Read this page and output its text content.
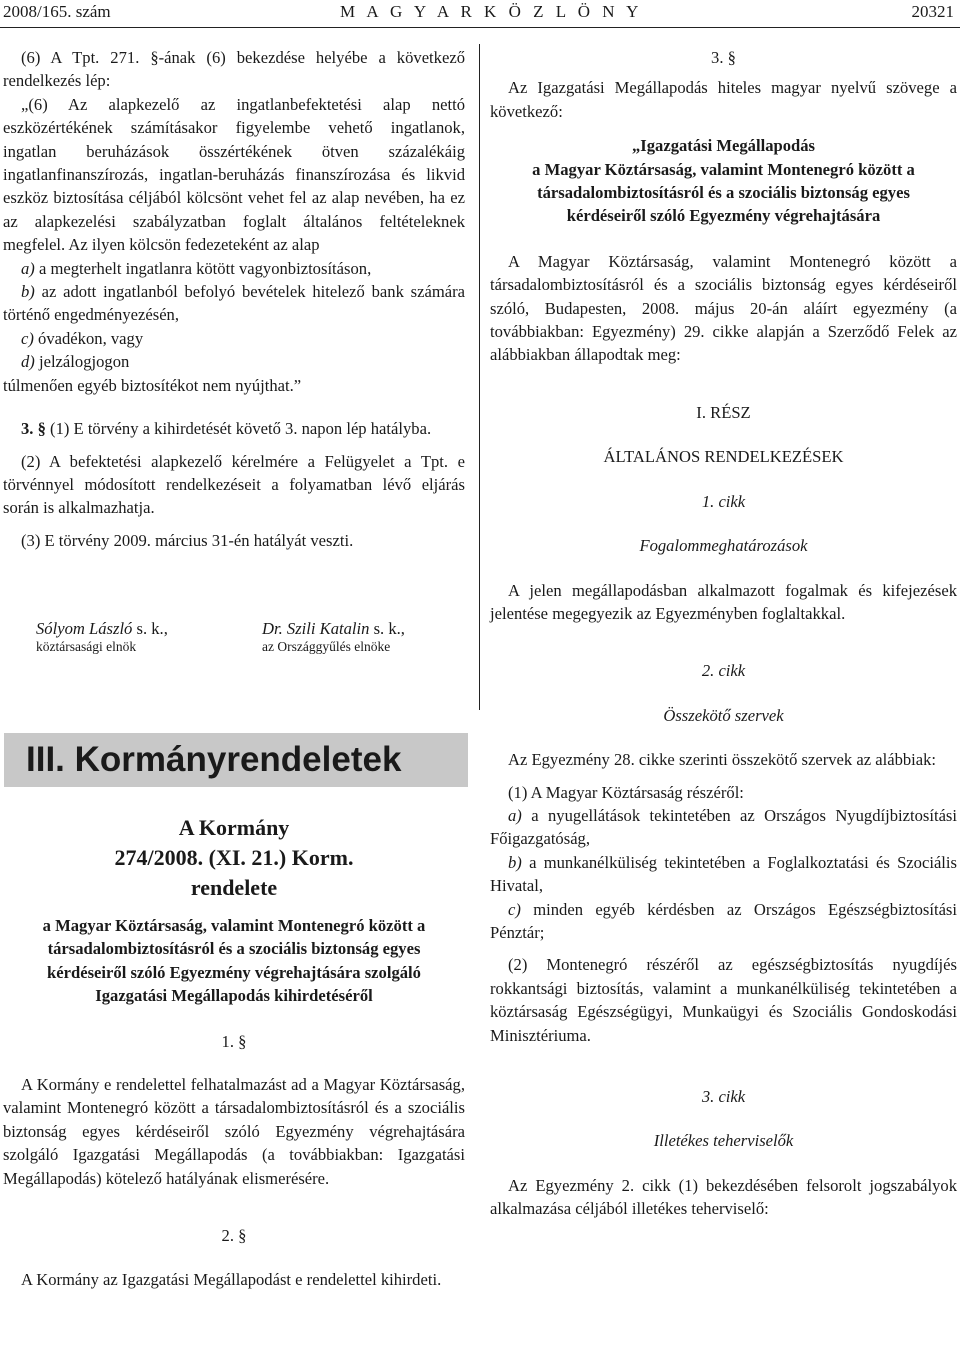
2008/165. szám	M A G Y A R K Ö Z L Ö N Y	20321

(6) A Tpt. 271. §-ának (6) bekezdése helyébe a következő rendelkezés lép:

„(6) Az alapkezelő az ingatlanbefektetési alap nettó eszközértékének számításakor figyelembe vehető ingatlanok, ingatlan beruházások összértékének ötven százalékáig ingatlanfinanszírozás, ingatlan-beruházás finanszírozása és likvid eszköz biztosítása céljából kölcsönt vehet fel az alap nevében, ha ez az alapkezelési szabályzatban foglalt általános feltételeknek megfelel. Az ilyen kölcsön fedezeteként az alap

a) a megterhelt ingatlanra kötött vagyonbiztosításon,

b) az adott ingatlanból befolyó bevételek hitelező bank számára történő engedményezésén,

c) óvadékon, vagy

d) jelzálogjogon

túlmenően egyéb biztosítékot nem nyújthat.”

3. § (1) E törvény a kihirdetését követő 3. napon lép hatályba.

(2) A befektetési alapkezelő kérelmére a Felügyelet a Tpt. e törvénnyel módosított rendelkezéseit a folyamatban lévő eljárás során is alkalmazhatja.

(3) E törvény 2009. március 31-én hatályát veszti.

Sólyom László s. k.,
köztársasági elnök
Dr. Szili Katalin s. k.,
az Országgyűlés elnöke
III. Kormányrendeletek

A Kormány

274/2008. (XI. 21.) Korm.

rendelete

a Magyar Köztársaság, valamint Montenegró között a társadalombiztosításról és a szociális biztonság egyes kérdéseiről szóló Egyezmény végrehajtására szolgáló Igazgatási Megállapodás kihirdetéséről

1. §

A Kormány e rendelettel felhatalmazást ad a Magyar Köztársaság, valamint Montenegró között a társadalombiztosításról és a szociális biztonság egyes kérdéseiről szóló Egyezmény végrehajtására szolgáló Igazgatási Megállapodás (a továbbiakban: Igazgatási Megállapodás) kötelező hatályának elismerésére.

2. §

A Kormány az Igazgatási Megállapodást e rendelettel kihirdeti.

3. §

Az Igazgatási Megállapodás hiteles magyar nyelvű szövege a következő:

„Igazgatási Megállapodás

a Magyar Köztársaság, valamint Montenegró között a társadalombiztosításról és a szociális biztonság egyes kérdéseiről szóló Egyezmény végrehajtására

A Magyar Köztársaság, valamint Montenegró között a társadalombiztosításról és a szociális biztonság egyes kérdéseiről szóló, Budapesten, 2008. május 20-án aláírt egyezmény (a továbbiakban: Egyezmény) 29. cikke alapján a Szerződő Felek az alábbiakban állapodtak meg:

I. RÉSZ

ÁLTALÁNOS RENDELKEZÉSEK

1. cikk

Fogalommeghatározások

A jelen megállapodásban alkalmazott fogalmak és kifejezések jelentése megegyezik az Egyezményben foglaltakkal.

2. cikk

Összekötő szervek

Az Egyezmény 28. cikke szerinti összekötő szervek az alábbiak:

(1) A Magyar Köztársaság részéről:

a) a nyugellátások tekintetében az Országos Nyugdíjbiztosítási Főigazgatóság,

b) a munkanélküliség tekintetében a Foglalkoztatási és Szociális Hivatal,

c) minden egyéb kérdésben az Országos Egészségbiztosítási Pénztár;

(2) Montenegró részéről az egészségbiztosítás nyugdíjés rokkantsági biztosítás, valamint a munkanélküliség tekintetében a köztársaság Egészségügyi, Munkaügyi és Szociális Gondoskodási Minisztériuma.

3. cikk

Illetékes teherviselők

Az Egyezmény 2. cikk (1) bekezdésében felsorolt jogszabályok alkalmazása céljából illetékes teherviselő:
